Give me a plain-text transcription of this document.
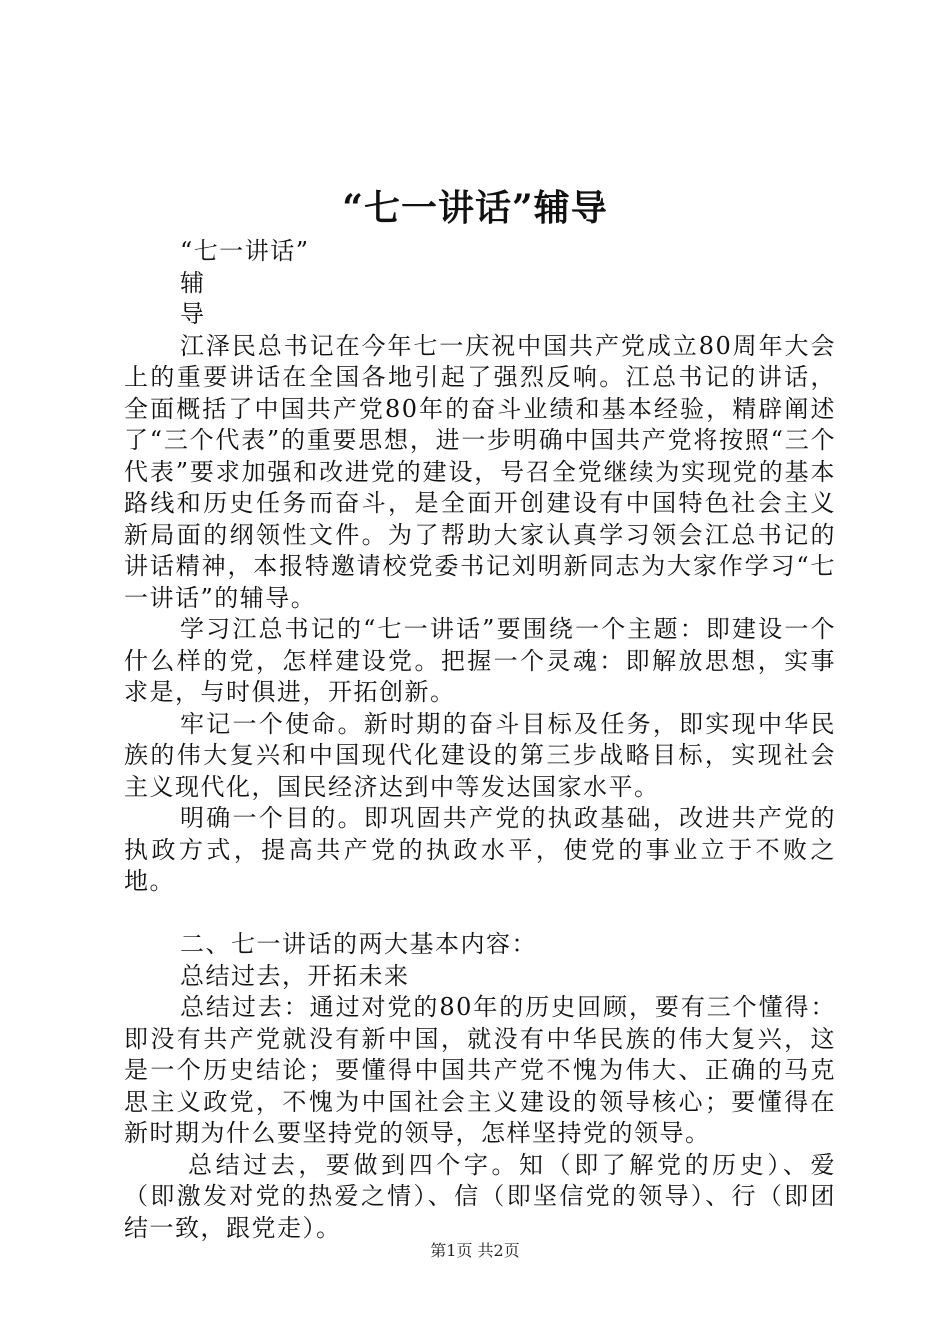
“七一讲话”辅导

“七一讲话”

辅

导

江泽民总书记在今年七一庆祝中国共产党成立80周年大会上的重要讲话在全国各地引起了强烈反响。江总书记的讲话，全面概括了中国共产党80年的奋斗业绩和基本经验，精辟阐述了“三个代表”的重要思想，进一步明确中国共产党将按照“三个代表”要求加强和改进党的建设，号召全党继续为实现党的基本路线和历史任务而奋斗，是全面开创建设有中国特色社会主义新局面的纲领性文件。为了帮助大家认真学习领会江总书记的讲话精神，本报特邀请校党委书记刘明新同志为大家作学习“七一讲话”的辅导。

学习江总书记的“七一讲话”要围绕一个主题：即建设一个什么样的党，怎样建设党。把握一个灵魂：即解放思想，实事求是，与时俱进，开拓创新。

牢记一个使命。新时期的奋斗目标及任务，即实现中华民族的伟大复兴和中国现代化建设的第三步战略目标，实现社会主义现代化，国民经济达到中等发达国家水平。

明确一个目的。即巩固共产党的执政基础，改进共产党的执政方式，提高共产党的执政水平，使党的事业立于不败之地。

二、七一讲话的两大基本内容：

总结过去，开拓未来

总结过去：通过对党的80年的历史回顾，要有三个懂得：即没有共产党就没有新中国，就没有中华民族的伟大复兴，这是一个历史结论；要懂得中国共产党不愧为伟大、正确的马克思主义政党，不愧为中国社会主义建设的领导核心；要懂得在新时期为什么要坚持党的领导，怎样坚持党的领导。

总结过去，要做到四个字。知（即了解党的历史）、爱（即激发对党的热爱之情）、信（即坚信党的领导）、行（即团结一致，跟党走）。

第1页 共2页
